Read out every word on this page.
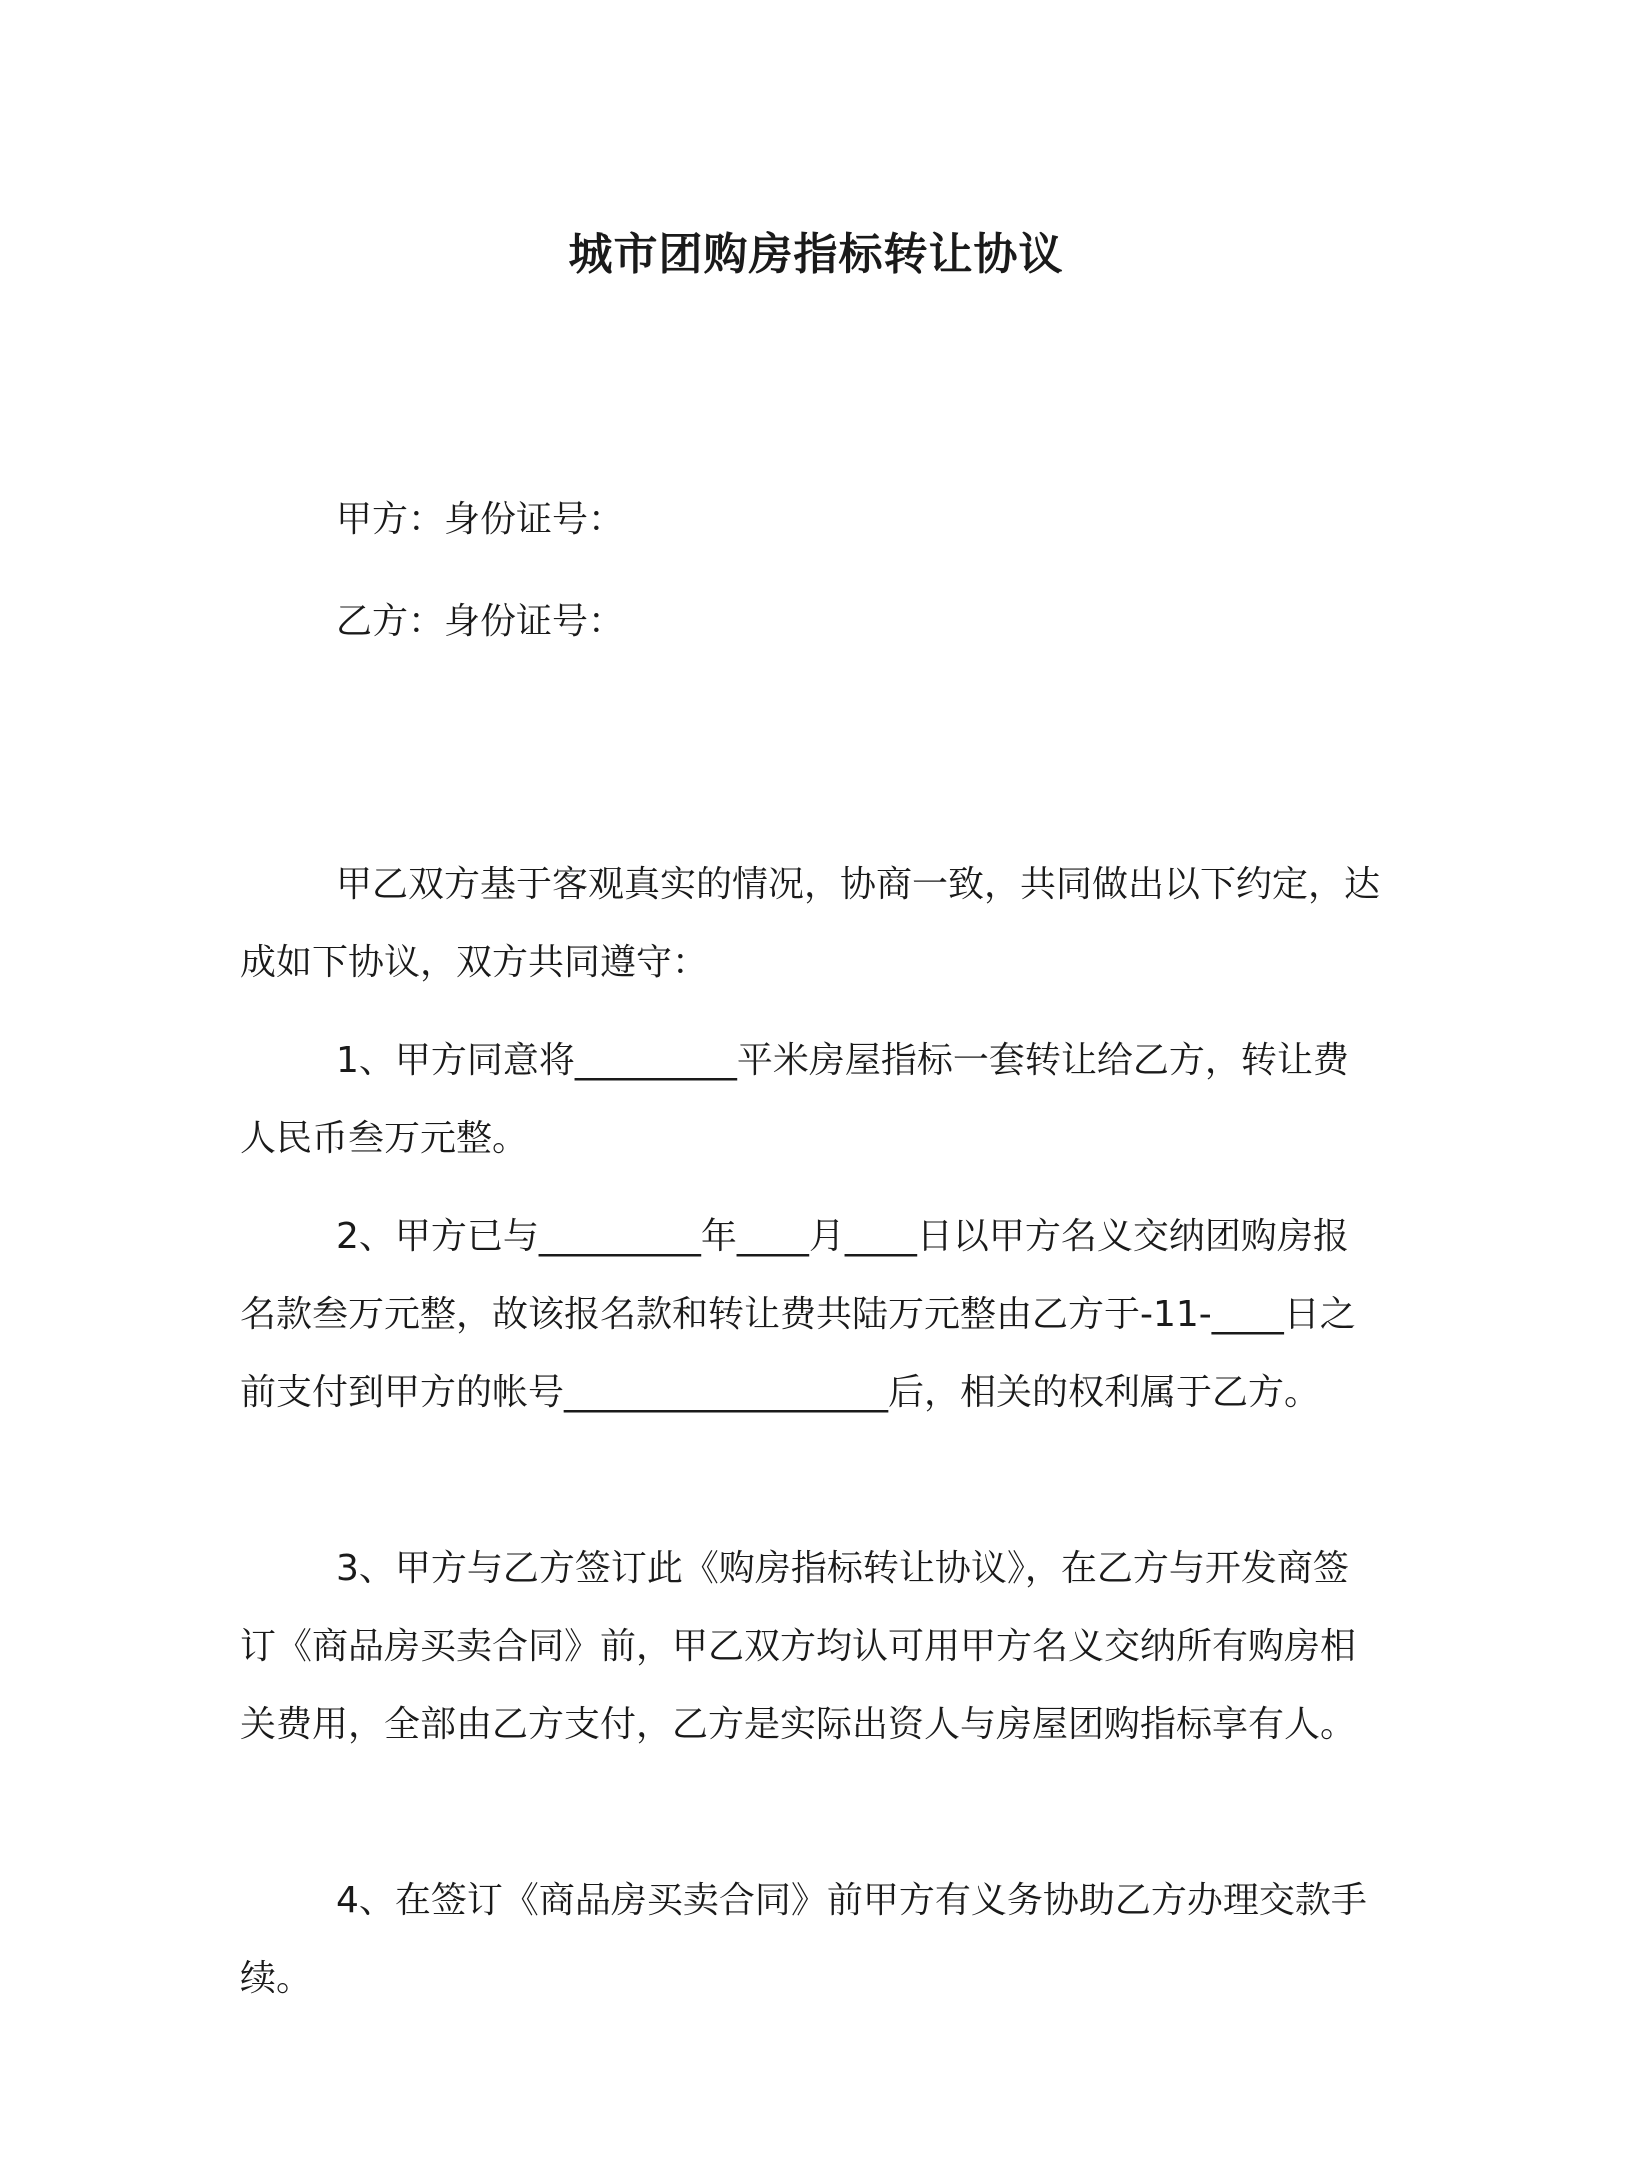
城市团购房指标转让协议
甲方：身份证号：
乙方：身份证号：

甲乙双方基于客观真实的情况，协商一致，共同做出以下约定，达成如下协议，双方共同遵守：

1、甲方同意将_________平米房屋指标一套转让给乙方，转让费人民币叁万元整。

2、甲方已与_________年____月____日以甲方名义交纳团购房报名款叁万元整，故该报名款和转让费共陆万元整由乙方于-11-____日之前支付到甲方的帐号__________________后，相关的权利属于乙方。

3、甲方与乙方签订此《购房指标转让协议》，在乙方与开发商签订《商品房买卖合同》前，甲乙双方均认可用甲方名义交纳所有购房相关费用，全部由乙方支付，乙方是实际出资人与房屋团购指标享有人。

4、在签订《商品房买卖合同》前甲方有义务协助乙方办理交款手续。
